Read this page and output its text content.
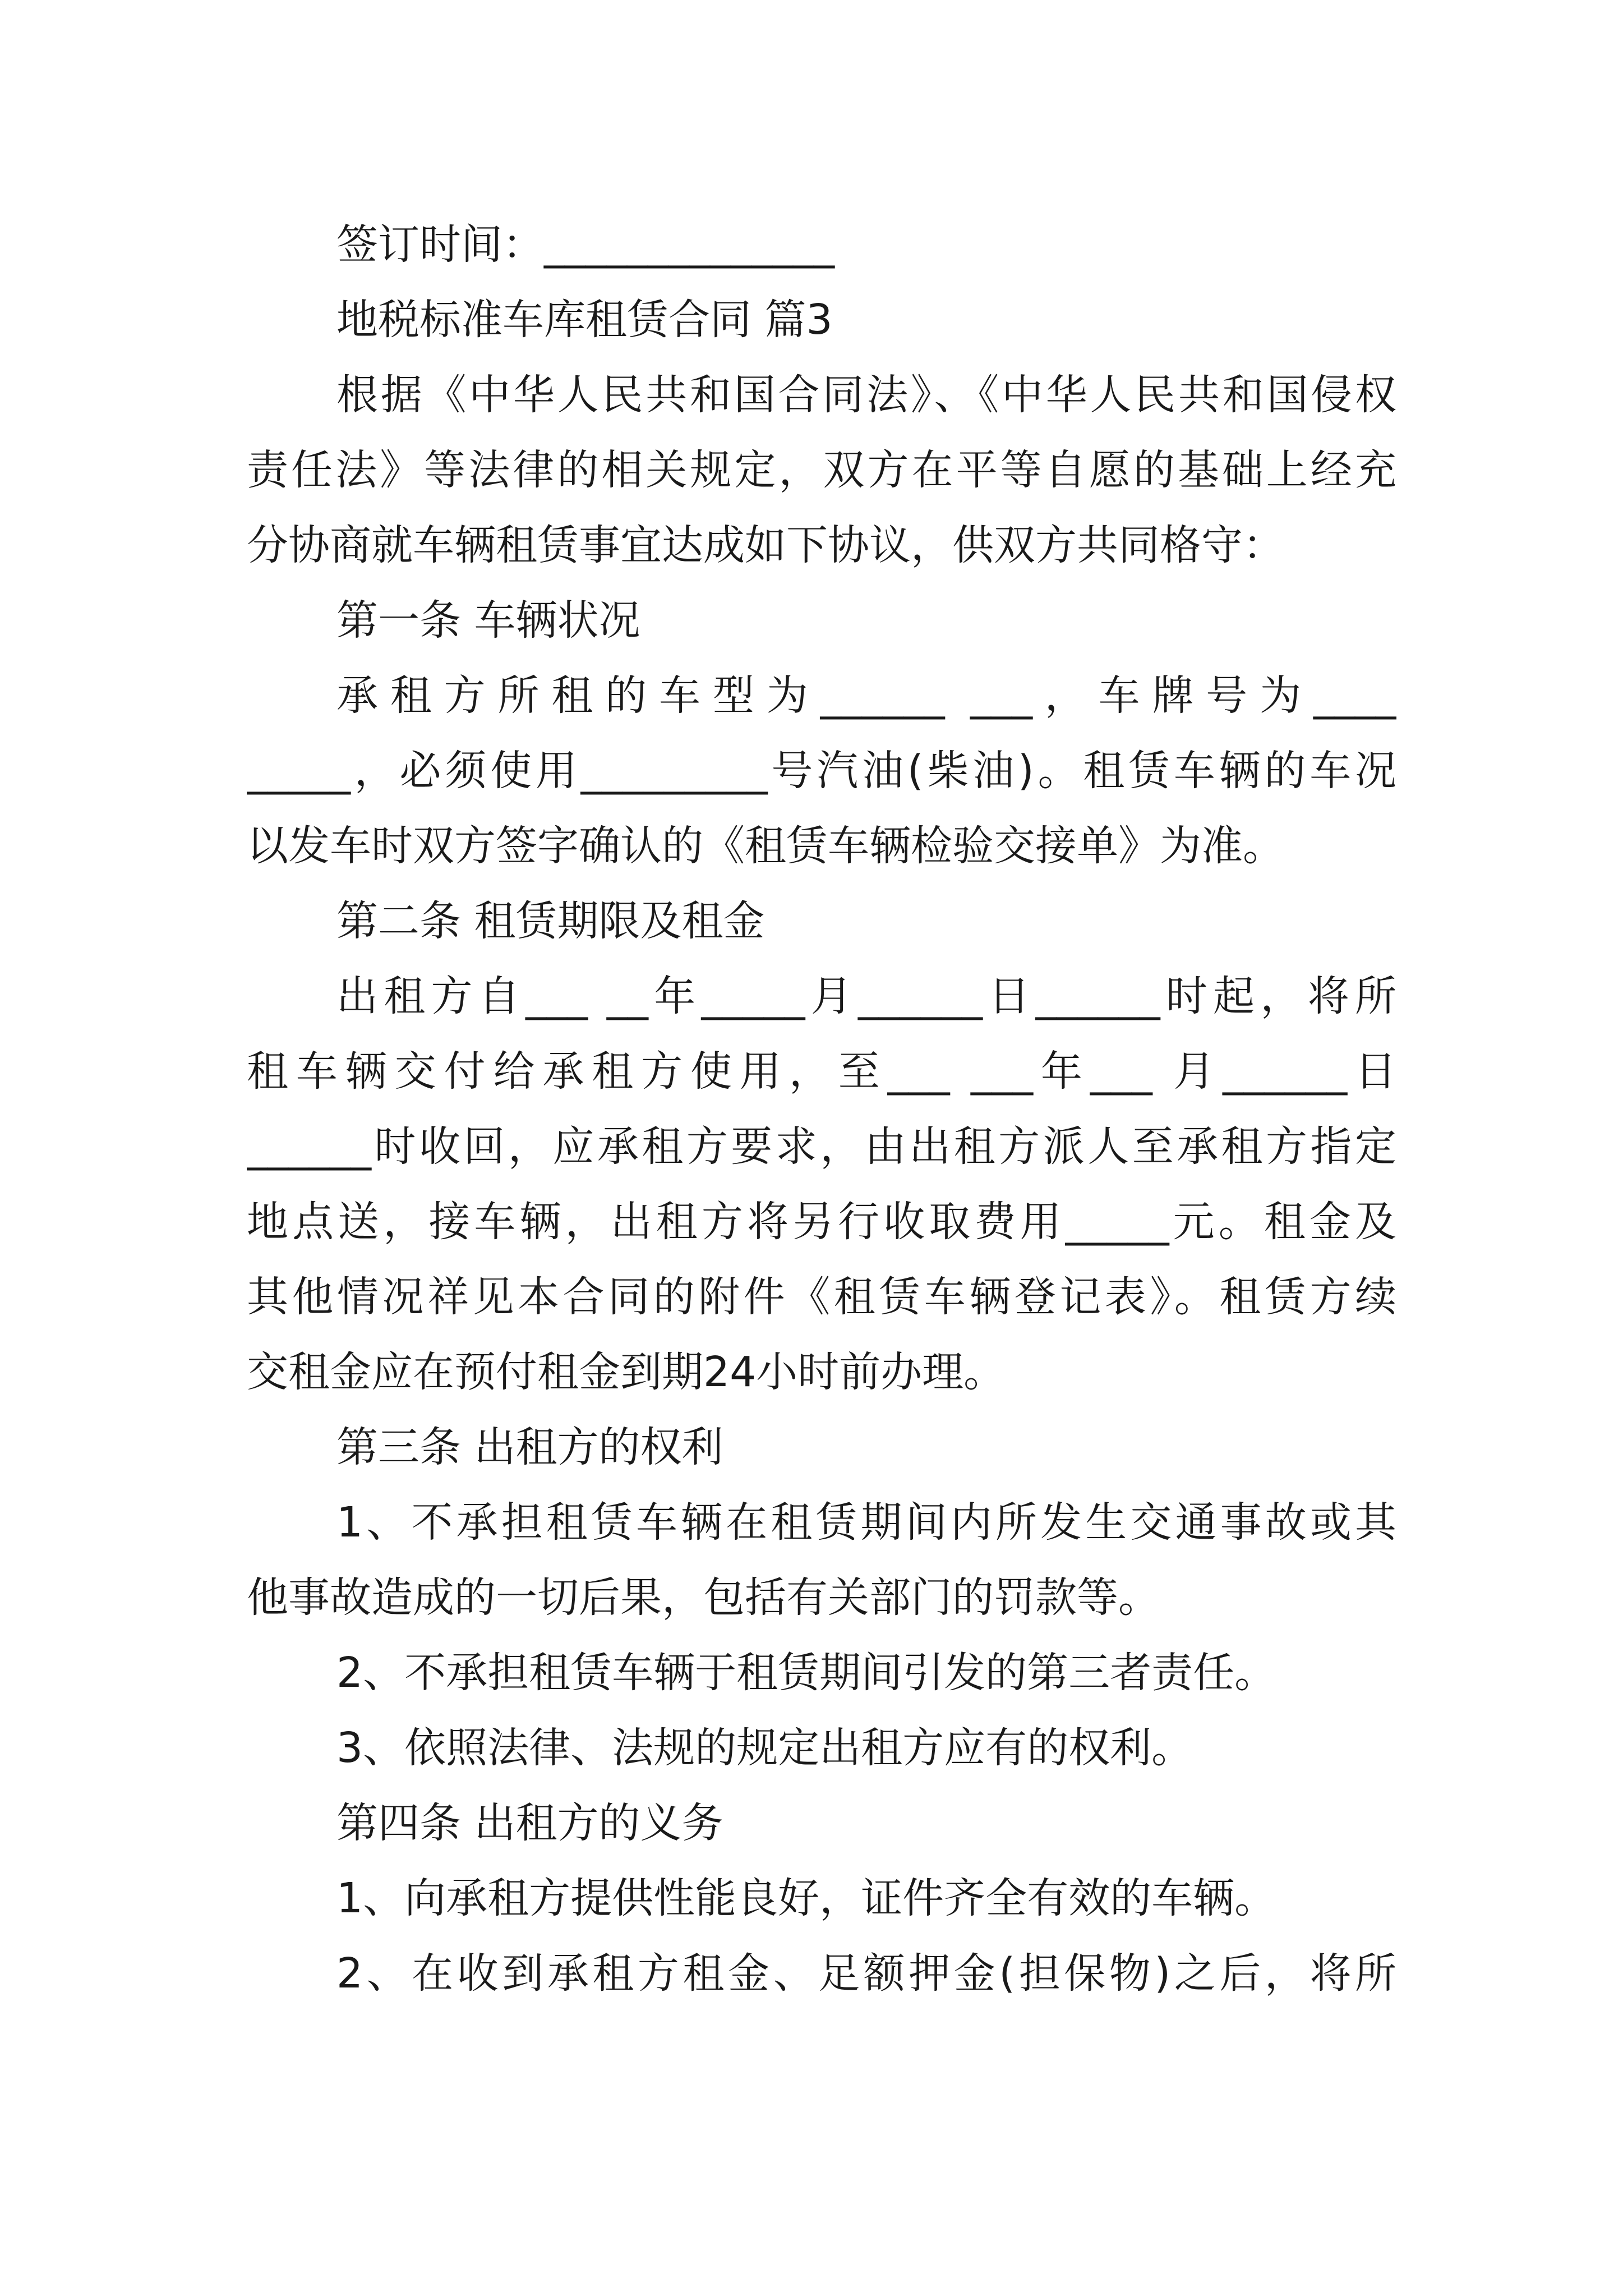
签订时间：______________
地税标准车库租赁合同 篇3
根据《中华人民共和国合同法》、《中华人民共和国侵权
责任法》等法律的相关规定，双方在平等自愿的基础上经充
分协商就车辆租赁事宜达成如下协议，供双方共同格守：
第一条 车辆状况
承租方所租的车型为______ ___，车牌号为____
_____，必须使用_________号汽油(柴油)。租赁车辆的车况
以发车时双方签字确认的《租赁车辆检验交接单》为准。
第二条 租赁期限及租金
出租方自___ __年_____月______日______时起，将所
租车辆交付给承租方使用，至___ ___年___ 月______日
______时收回，应承租方要求，由出租方派人至承租方指定
地点送，接车辆，出租方将另行收取费用_____元。租金及
其他情况祥见本合同的附件《租赁车辆登记表》。租赁方续
交租金应在预付租金到期24小时前办理。
第三条 出租方的权利
1、不承担租赁车辆在租赁期间内所发生交通事故或其
他事故造成的一切后果，包括有关部门的罚款等。
2、不承担租赁车辆于租赁期间引发的第三者责任。
3、依照法律、法规的规定出租方应有的权利。
第四条 出租方的义务
1、向承租方提供性能良好，证件齐全有效的车辆。
2、在收到承租方租金、足额押金(担保物)之后，将所
